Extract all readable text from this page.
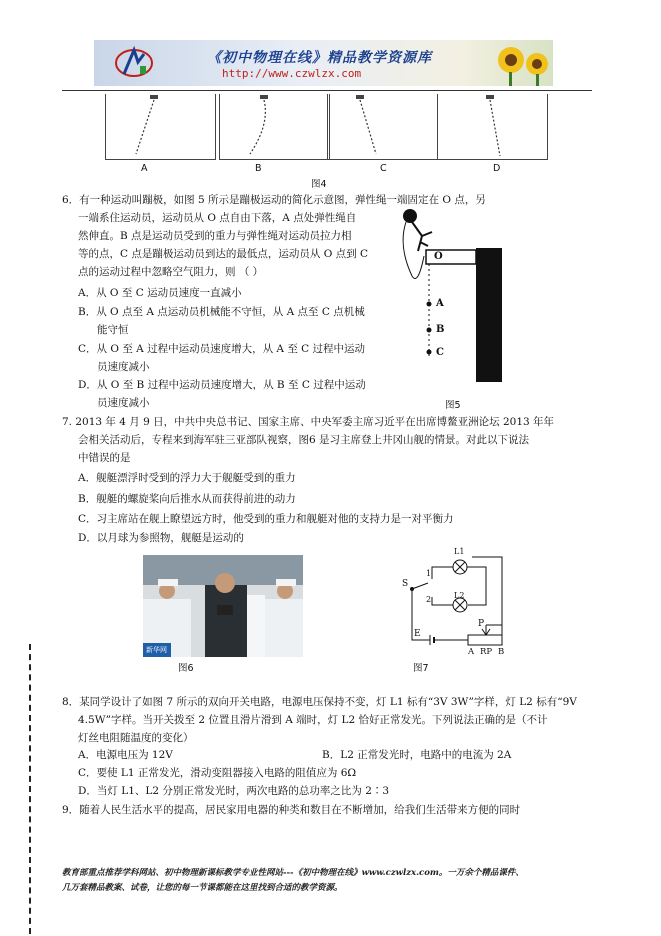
《初中物理在线》精品教学资源库
http://www.czwlzx.com
A	B	C	D
图4
6．有一种运动叫蹦极，如图 5 所示是蹦极运动的简化示意图，弹性绳一端固定在 O 点，另
一端系住运动员，运动员从 O 点自由下落，A 点处弹性绳自
然伸直。B 点是运动员受到的重力与弹性绳对运动员拉力相
等的点，C 点是蹦极运动员到达的最低点，运动员从 O 点到 C
点的运动过程中忽略空气阻力，则 （ ）
A．从 O 至 C 运动员速度一直减小
B．从 O 点至 A 点运动员机械能不守恒，从 A 点至 C 点机械
能守恒
C．从 O 至 A 过程中运动员速度增大，从 A 至 C 过程中运动
员速度减小
D．从 O 至 B 过程中运动员速度增大，从 B 至 C 过程中运动
员速度减小
O
A
B
C
图5
7. 2013 年 4 月 9 日，中共中央总书记、国家主席、中央军委主席习近平在出席博鳌亚洲论坛 2013 年年
会相关活动后，专程来到海军驻三亚部队视察，图6 是习主席登上井冈山舰的情景。对此以下说法
中错误的是
A．舰艇漂浮时受到的浮力大于舰艇受到的重力
B．舰艇的螺旋桨向后推水从而获得前进的动力
C．习主席站在舰上瞭望远方时，他受到的重力和舰艇对他的支持力是一对平衡力
D．以月球为参照物，舰艇是运动的
新华网
图6
L1
L2
S
1
2
E
P
A RP B
图7
8．某同学设计了如图 7 所示的双向开关电路，电源电压保持不变，灯 L1 标有“3V 3W”字样，灯 L2 标有“9V
4.5W”字样。当开关拨至 2 位置且滑片滑到 A 端时，灯 L2 恰好正常发光。下列说法正确的是（不计
灯丝电阻随温度的变化）
A．电源电压为 12V	B．L2 正常发光时，电路中的电流为 2A
C．要使 L1 正常发光，滑动变阻器接入电路的阻值应为 6Ω
D．当灯 L1、L2 分别正常发光时，两次电路的总功率之比为 2∶3
9．随着人民生活水平的提高，居民家用电器的种类和数目在不断增加，给我们生活带来方便的同时
教育部重点推荐学科网站、初中物理新课标教学专业性网站---《初中物理在线》www.czwlzx.com。一万余个精品课件、
几万套精品教案、试卷，让您的每一节课都能在这里找到合适的教学资源。
